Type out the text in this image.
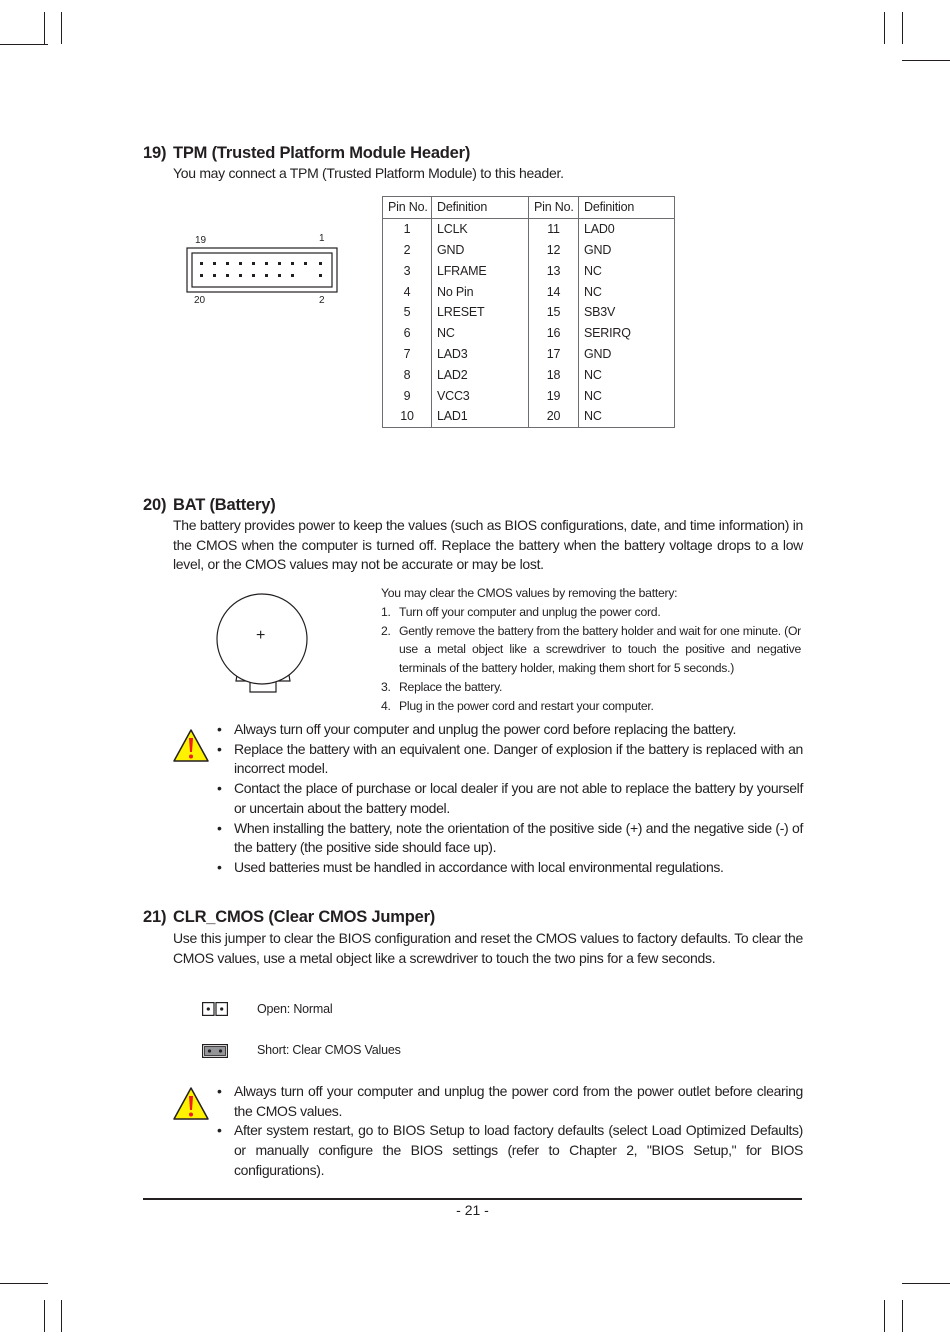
19) TPM (Trusted Platform Module Header)

You may connect a TPM (Trusted Platform Module) to this header.

19	1
20	2
Pin No.	Definition	Pin No.	Definition
1	LCLK	11	LAD0
2	GND	12	GND
3	LFRAME	13	NC
4	No Pin	14	NC
5	LRESET	15	SB3V
6	NC	16	SERIRQ
7	LAD3	17	GND
8	LAD2	18	NC
9	VCC3	19	NC
10	LAD1	20	NC
20) BAT (Battery)

The battery provides power to keep the values (such as BIOS configurations, date, and time information) in the CMOS when the computer is turned off. Replace the battery when the battery voltage drops to a low level, or the CMOS values may not be accurate or may be lost.

+

You may clear the CMOS values by removing the battery:

1. Turn off your computer and unplug the power cord.
2. Gently remove the battery from the battery holder and wait for one minute. (Or use a metal object like a screwdriver to touch the positive and negative terminals of the battery holder, making them short for 5 seconds.)
3. Replace the battery.
4. Plug in the power cord and restart your computer.
• Always turn off your computer and unplug the power cord before replacing the battery.
• Replace the battery with an equivalent one. Danger of explosion if the battery is replaced with an incorrect model.
• Contact the place of purchase or local dealer if you are not able to replace the battery by yourself or uncertain about the battery model.
• When installing the battery, note the orientation of the positive side (+) and the negative side (-) of the battery (the positive side should face up).
• Used batteries must be handled in accordance with local environmental regulations.
21) CLR_CMOS (Clear CMOS Jumper)

Use this jumper to clear the BIOS configuration and reset the CMOS values to factory defaults. To clear the CMOS values, use a metal object like a screwdriver to touch the two pins for a few seconds.

Open: Normal
Short: Clear CMOS Values
• Always turn off your computer and unplug the power cord from the power outlet before clearing the CMOS values.
• After system restart, go to BIOS Setup to load factory defaults (select Load Optimized Defaults) or manually configure the BIOS settings (refer to Chapter 2, "BIOS Setup," for BIOS configurations).
- 21 -
